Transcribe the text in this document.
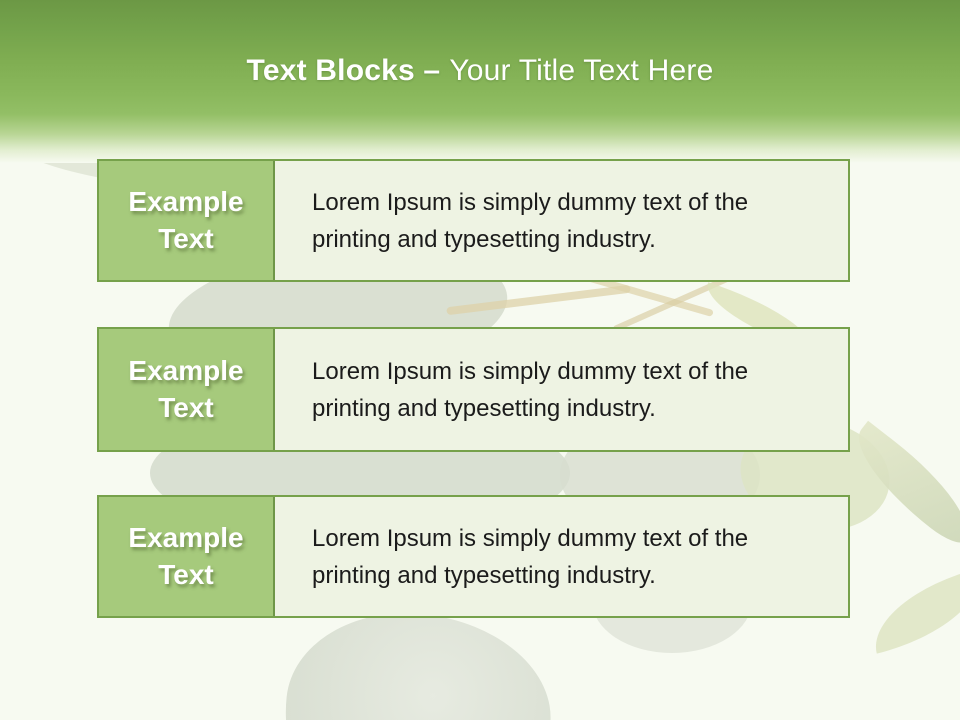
Text Blocks – Your Title Text Here
Example Text

Lorem Ipsum is simply dummy text of the printing and typesetting industry.

Example Text

Lorem Ipsum is simply dummy text of the printing and typesetting industry.

Example Text

Lorem Ipsum is simply dummy text of the printing and typesetting industry.
